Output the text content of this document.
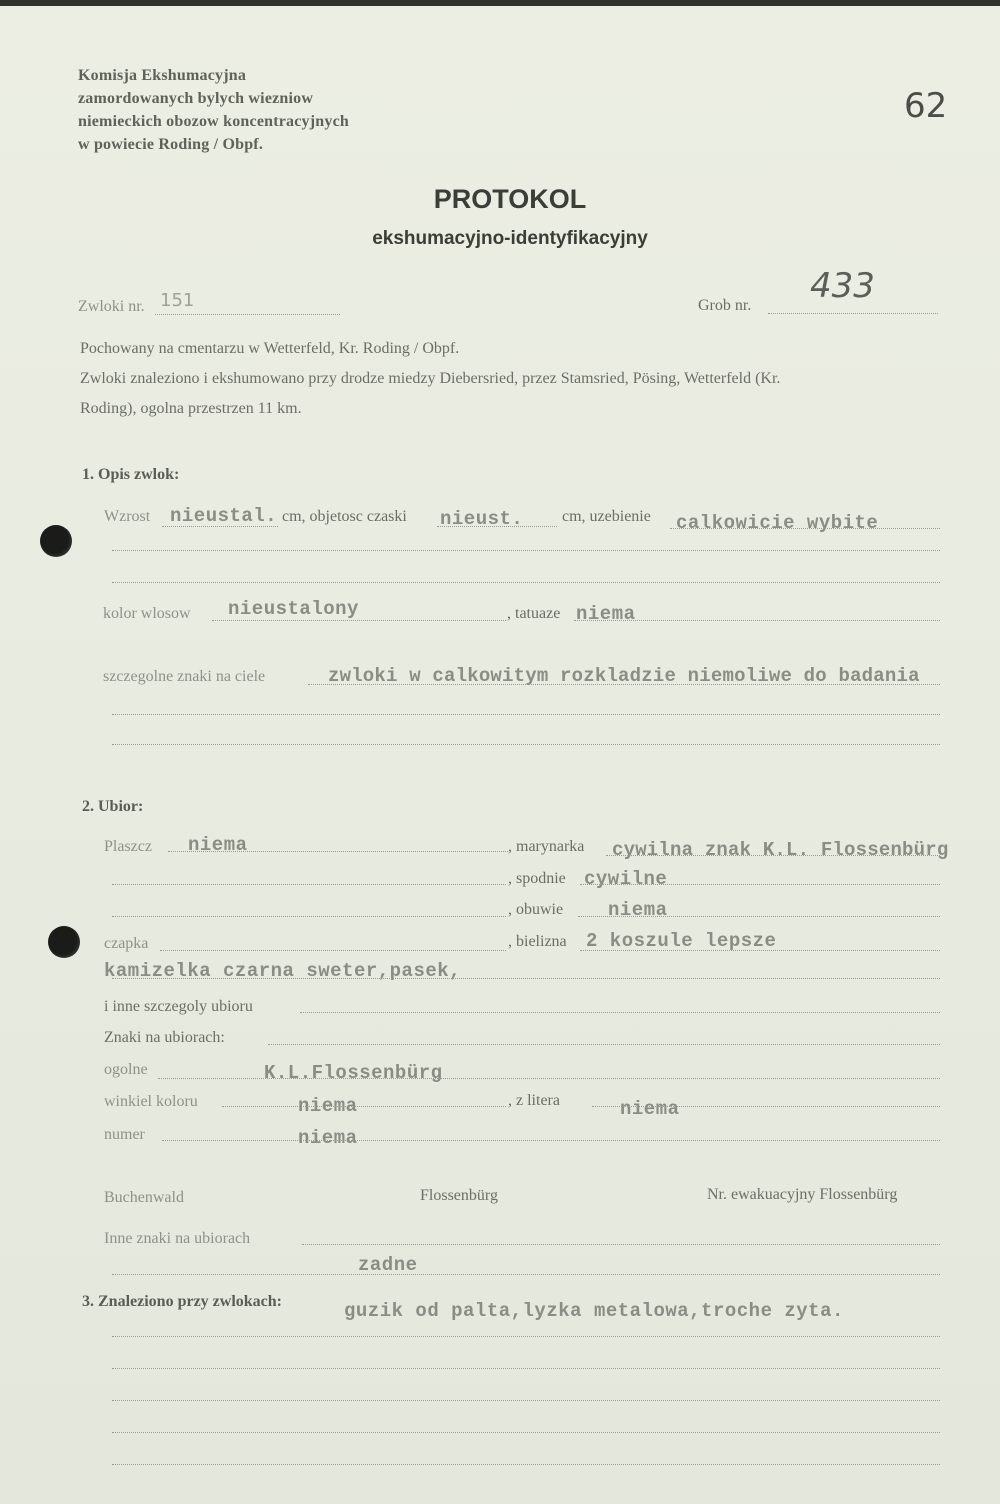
Komisja Ekshumacyjna
zamordowanych bylych wiezniow
niemieckich obozow koncentracyjnych
w powiecie Roding / Obpf.
62
PROTOKOL
ekshumacyjno-identyfikacyjny
Zwloki nr. 151	Grob nr. 433
Pochowany na cmentarzu w Wetterfeld, Kr. Roding / Obpf.
Zwloki znaleziono i ekshumowano przy drodze miedzy Diebersried, przez Stamsried, Pösing, Wetterfeld (Kr.
Roding), ogolna przestrzen 11 km.
1. Opis zwlok:
Wzrost nieustal. cm, objetosc czaski nieust. cm, uzebienie calkowicie wybite
kolor wlosow nieustalony	, tatuaze niema
szczegolne znaki na ciele	zwloki w calkowitym rozkladzie niemoliwe do badania
2. Ubior:
Plaszcz niema	, marynarka cywilna znak K.L. Flossenbürg
, spodnie cywilne
, obuwie niema
czapka	, bielizna 2 koszule lepsze
kamizelka czarna sweter,pasek,
i inne szczegoly ubioru
Znaki na ubiorach:
ogolne	K.L.Flossenbürg
winkiel koloru	niema	, z litera	niema
numer	niema
Buchenwald	Flossenbürg	Nr. ewakuacyjny Flossenbürg
Inne znaki na ubiorach
zadne
3. Znaleziono przy zwlokach:	guzik od palta,lyzka metalowa,troche zyta.
